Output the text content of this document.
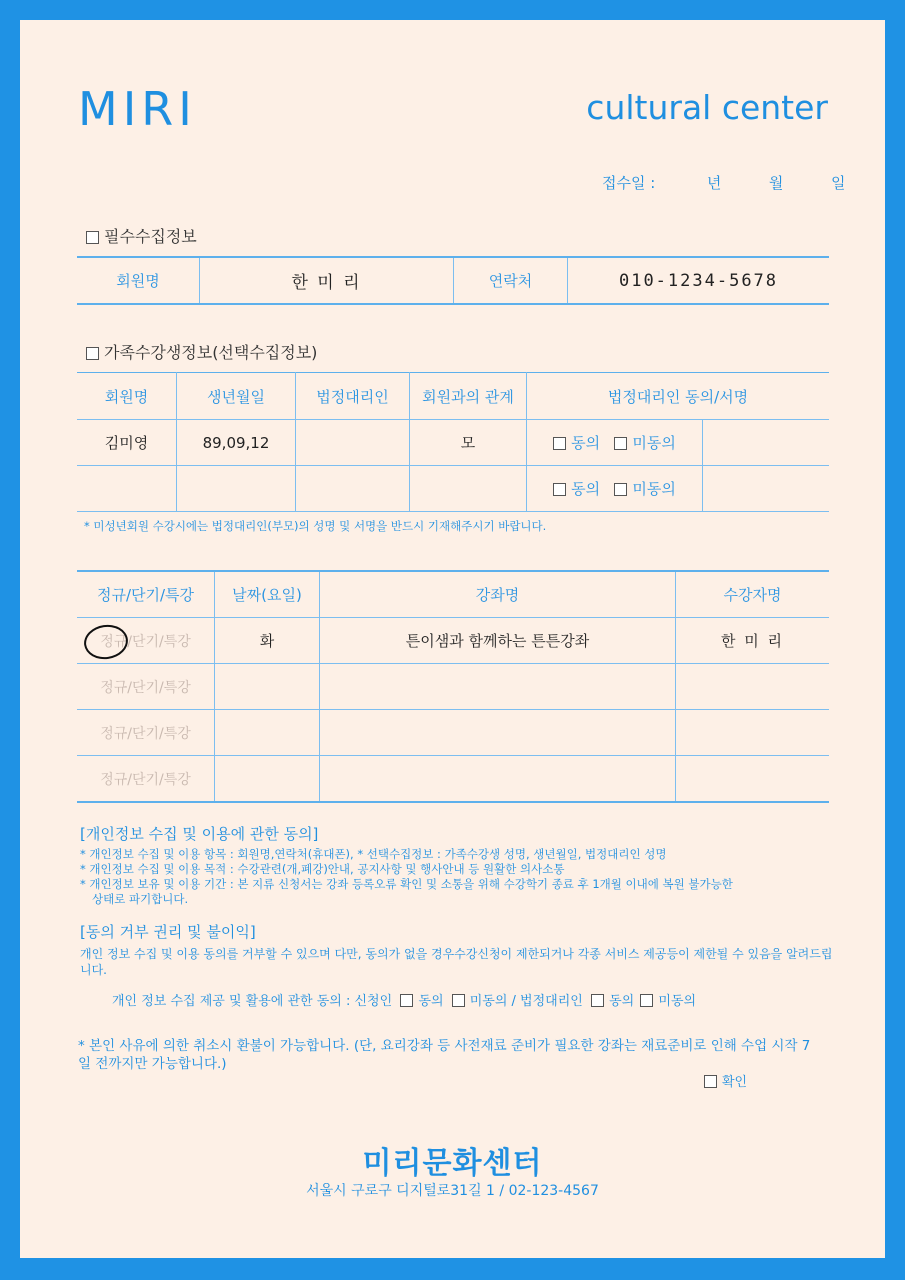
MIRI	cultural center
접수일 :	년	월	일
필수수집정보
회원명	한 미 리	연락처	010-1234-5678
가족수강생정보(선택수집정보)
회원명	생년월일	법정대리인	회원과의 관계	법정대리인 동의/서명	
김미영	89,09,12		모	동의 미동의	
				동의 미동의	
* 미성년회원 수강시에는 법정대리인(부모)의 성명 및 서명을 반드시 기재해주시기 바랍니다.
정규/단기/특강	날짜(요일)	강좌명	수강자명
정규/단기/특강	화	튼이샘과 함께하는 튼튼강좌	한 미 리
정규/단기/특강			
정규/단기/특강			
정규/단기/특강			
[개인정보 수집 및 이용에 관한 동의]
* 개인정보 수집 및 이용 항목 : 회원명,연락처(휴대폰), * 선택수집정보 : 가족수강생 성명, 생년월일, 법정대리인 성명
* 개인정보 수집 및 이용 목적 : 수강관련(개,폐강)안내, 공지사항 및 행사안내 등 원활한 의사소통
* 개인정보 보유 및 이용 기간 : 본 지류 신청서는 강좌 등록오류 확인 및 소통을 위해 수강학기 종료 후 1개월 이내에 복원 불가능한
상태로 파기합니다.
[동의 거부 권리 및 불이익]
개인 정보 수집 및 이용 동의를 거부할 수 있으며 다만, 동의가 없을 경우수강신청이 제한되거나 각종 서비스 제공등이 제한될 수 있음을 알려드립니다.
개인 정보 수집 제공 및 활용에 관한 동의 : 신청인 동의 미동의 / 법정대리인 동의 미동의
* 본인 사유에 의한 취소시 환불이 가능합니다. (단, 요리강좌 등 사전재료 준비가 필요한 강좌는 재료준비로 인해 수업 시작 7일 전까지만 가능합니다.)
확인
미리문화센터
서울시 구로구 디지털로31길 1 / 02-123-4567
